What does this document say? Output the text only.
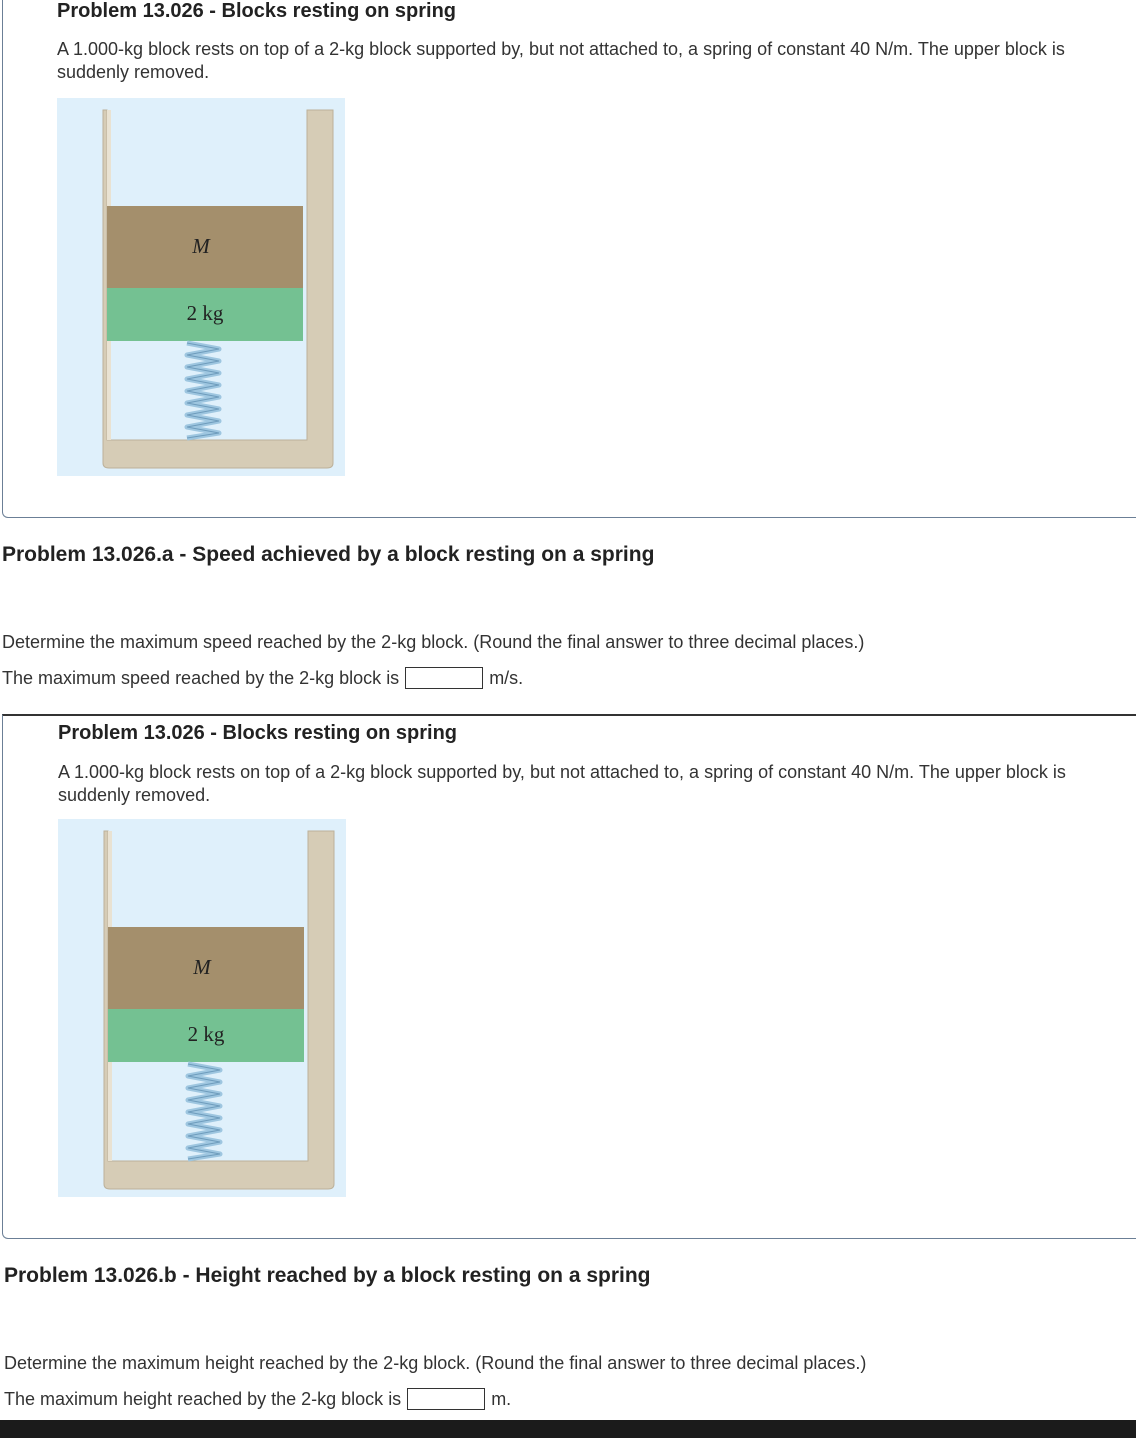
Problem 13.026 - Blocks resting on spring
A 1.000-kg block rests on top of a 2-kg block supported by, but not attached to, a spring of constant 40 N/m. The upper block is suddenly removed.
M
2 kg
Problem 13.026.a - Speed achieved by a block resting on a spring
Determine the maximum speed reached by the 2-kg block. (Round the final answer to three decimal places.)
The maximum speed reached by the 2-kg block is	m/s.
Problem 13.026 - Blocks resting on spring
A 1.000-kg block rests on top of a 2-kg block supported by, but not attached to, a spring of constant 40 N/m. The upper block is suddenly removed.
M
2 kg
Problem 13.026.b - Height reached by a block resting on a spring
Determine the maximum height reached by the 2-kg block. (Round the final answer to three decimal places.)
The maximum height reached by the 2-kg block is	m.
